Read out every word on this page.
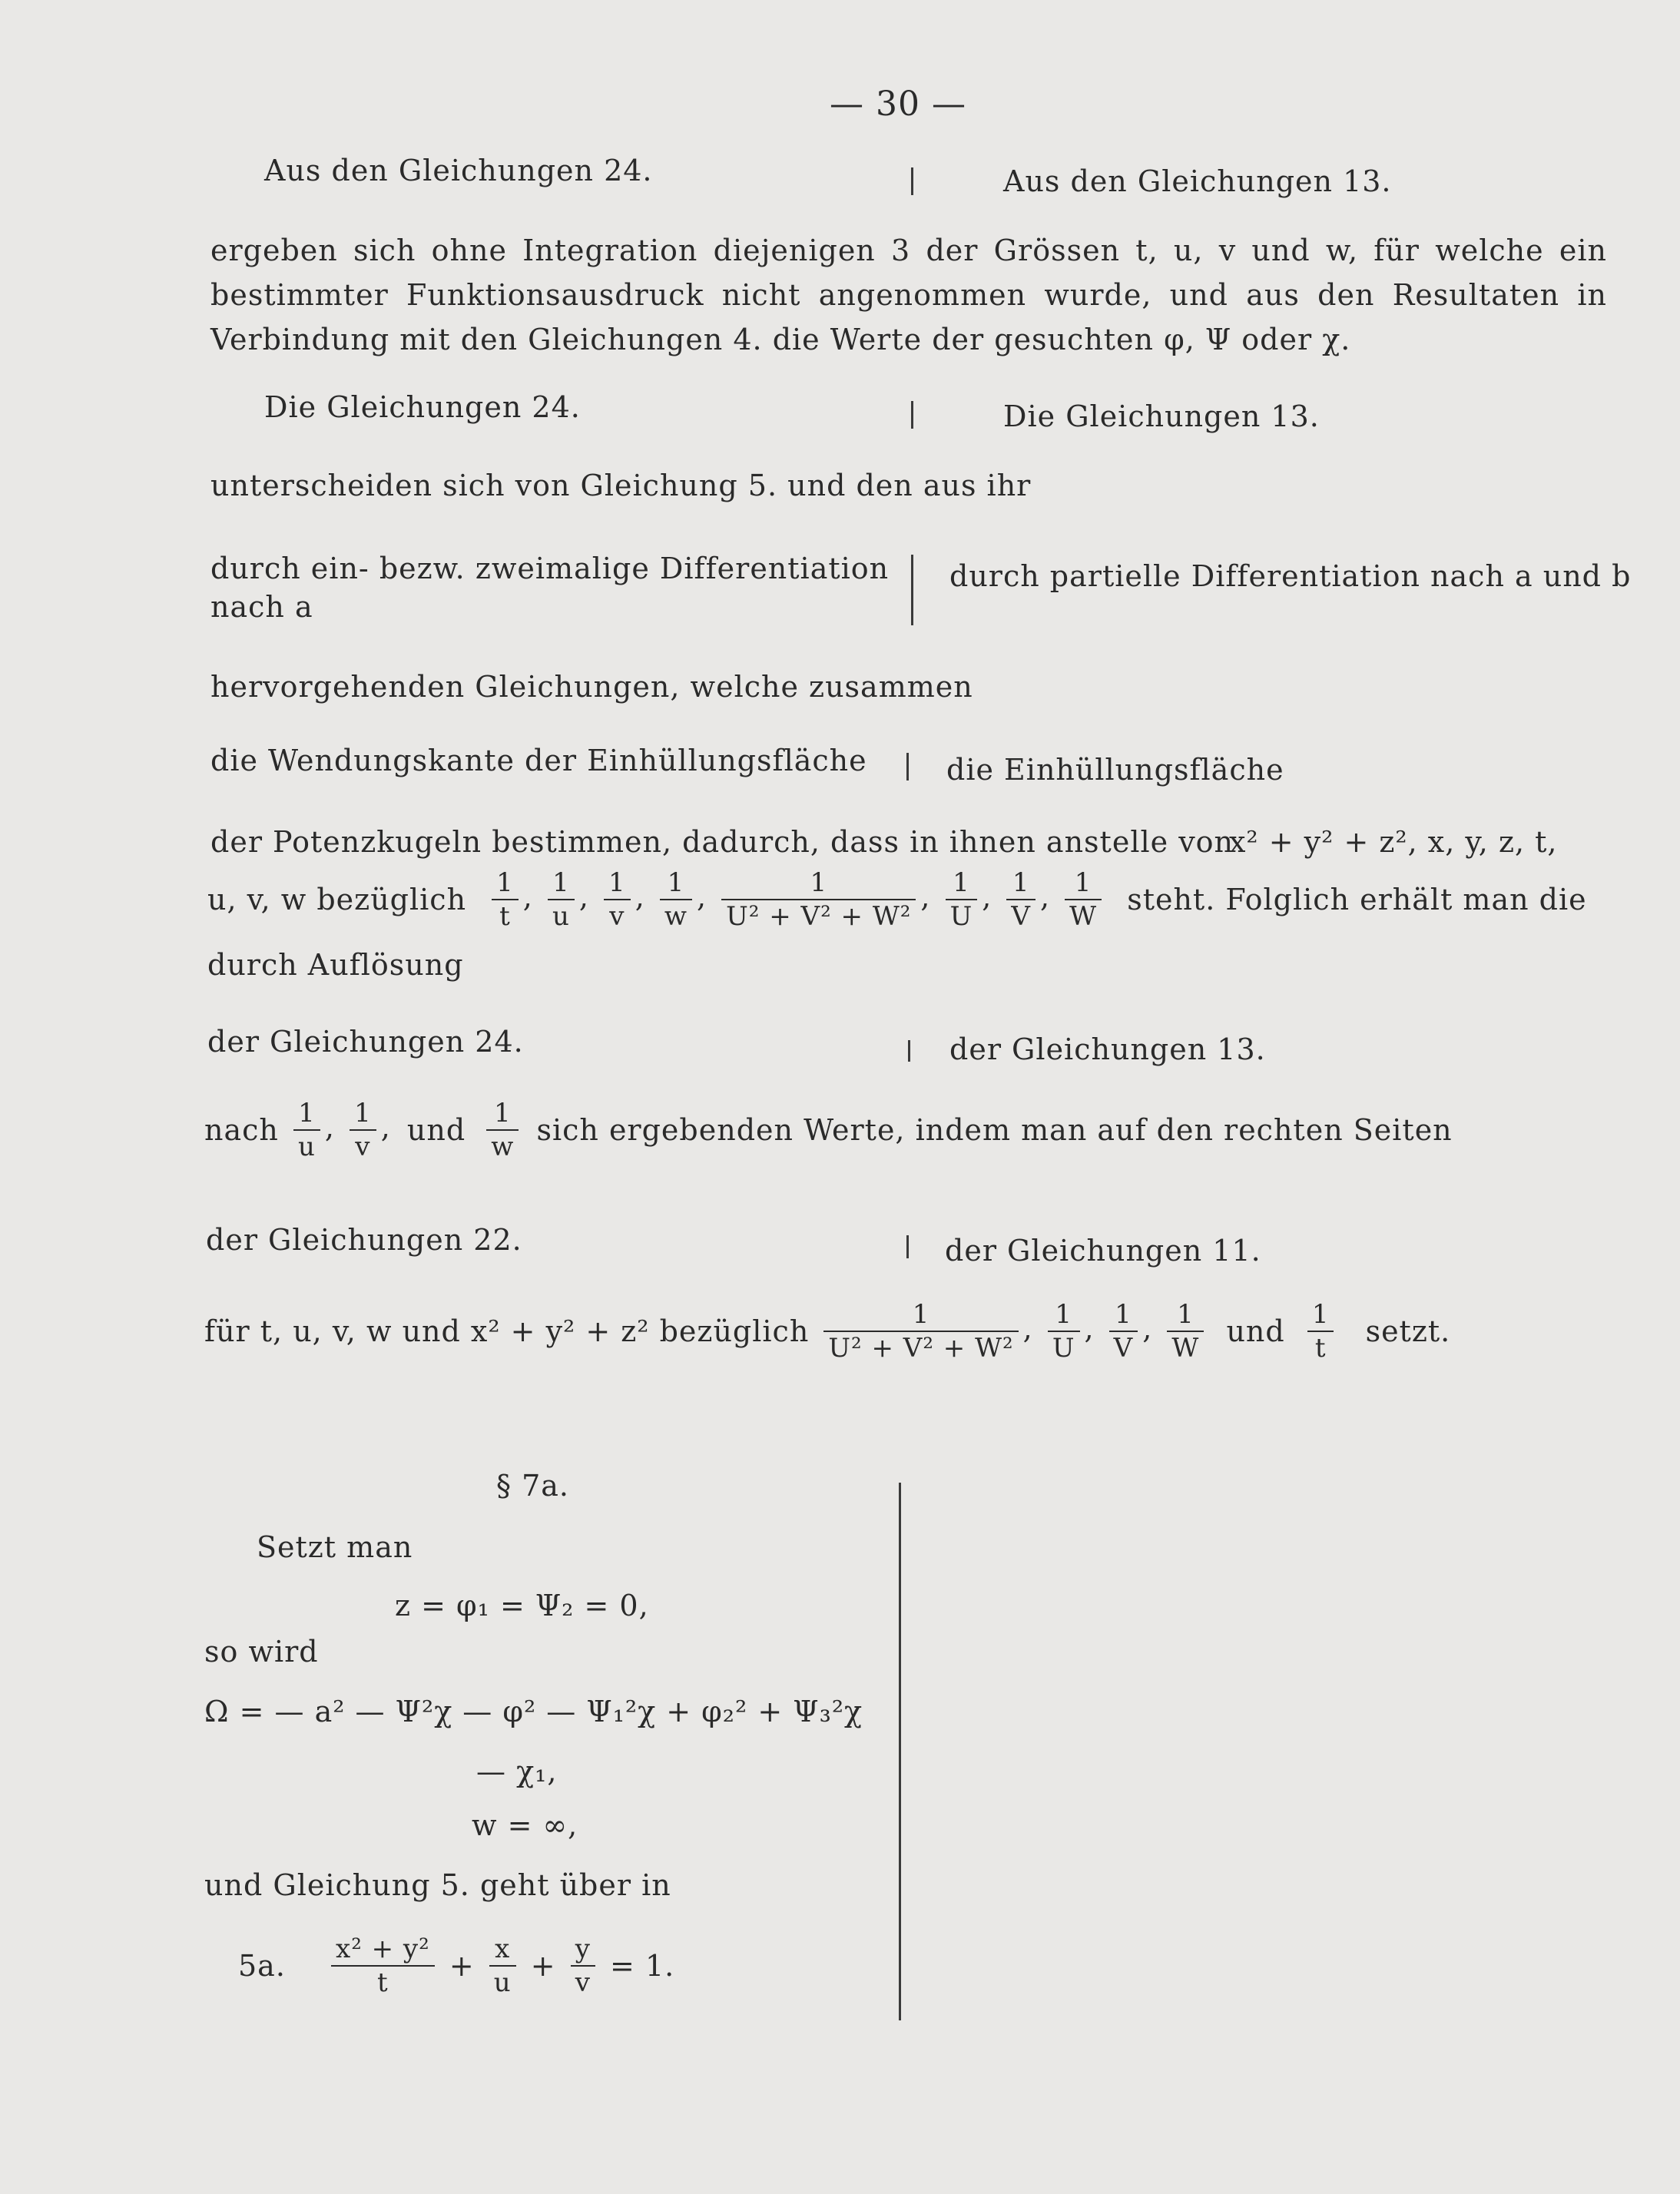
— 30 —
Aus den Gleichungen 24.	Aus den Gleichungen 13.
ergeben sich ohne Integration diejenigen 3 der Grössen t, u, v und w, für welche ein
bestimmter Funktionsausdruck nicht angenommen wurde, und aus den Resultaten in
Verbindung mit den Gleichungen 4. die Werte der gesuchten φ, Ψ oder χ.
Die Gleichungen 24.	Die Gleichungen 13.
unterscheiden sich von Gleichung 5. und den aus ihr
durch ein- bezw. zweimalige Differentiation
nach a
durch partielle Differentiation nach a und b
hervorgehenden Gleichungen, welche zusammen
die Wendungskante der Einhüllungsfläche	die Einhüllungsfläche
der Potenzkugeln bestimmen, dadurch, dass in ihnen anstelle von
x² + y² + z², x, y, z, t,
u, v, w bezüglich $\frac{1}{t}$ , $\frac{1}{u}$ , $\frac{1}{v}$ , $\frac{1}{w}$ , $\frac{1}{\text{U² + V² + W²}}$ , $\frac{1}{U}$ , $\frac{1}{V}$ , $\frac{1}{W}$ steht. Folglich erhält man die
durch Auflösung
der Gleichungen 24.	der Gleichungen 13.
nach $\frac{1}{u}$ , $\frac{1}{v}$ , und $\frac{1}{w}$ sich ergebenden Werte, indem man auf den rechten Seiten
der Gleichungen 22.	der Gleichungen 11.
für t, u, v, w und x² + y² + z² bezüglich $\frac{1}{\text{U² + V² + W²}}$ , $\frac{1}{U}$ , $\frac{1}{V}$ , $\frac{1}{W}$ und $\frac{1}{t}$ setzt.
§ 7a.
Setzt man
z = φ₁ = Ψ₂ = 0,
so wird
Ω = — a² — Ψ²χ — φ² — Ψ₁²χ + φ₂² + Ψ₃²χ
— χ₁,
w = ∞,
und Gleichung 5. geht über in
5a. $\frac{\text{x² + y²}}{t} + \frac{x}{u} + \frac{y}{v} = 1$.
